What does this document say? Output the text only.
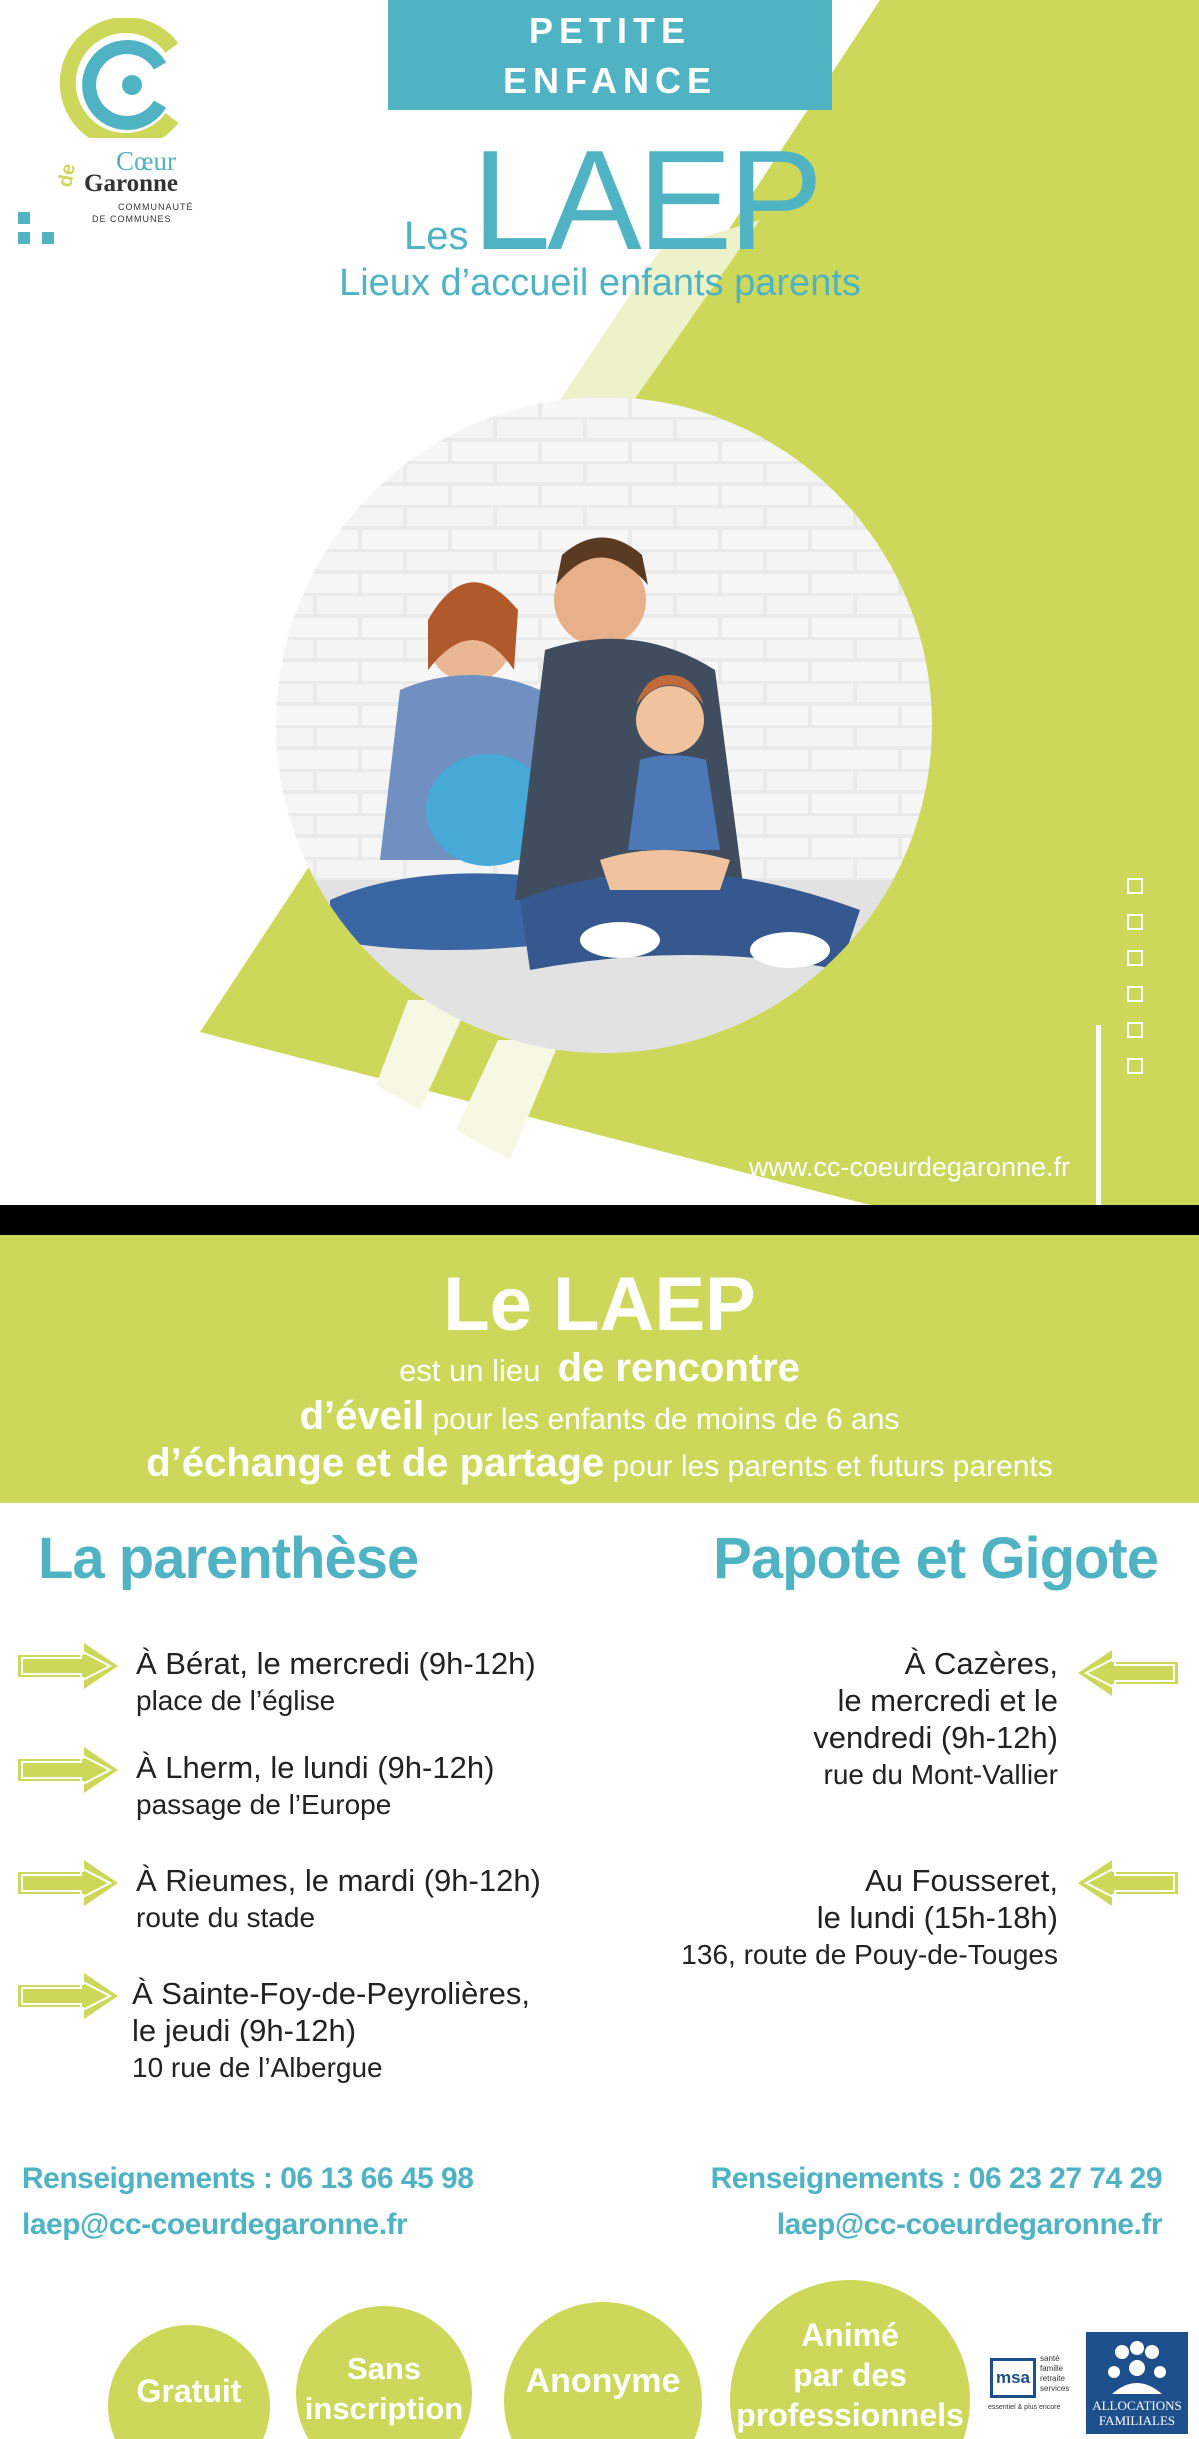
PETITE
ENFANCE
Cœur
de Garonne
COMMUNAUTÉ
DE COMMUNES	Les LAEP
Lieux d’accueil enfants parents
www.cc-coeurdegaronne.fr
Le LAEP
est un lieu de rencontre
d’éveil pour les enfants de moins de 6 ans
d’échange et de partage pour les parents et futurs parents
La parenthèse	Papote et Gigote
À Bérat, le mercredi (9h-12h)
place de l’église
À Lherm, le lundi (9h-12h)
passage de l’Europe
À Rieumes, le mardi (9h-12h)
route du stade
À Sainte-Foy-de-Peyrolières,
le jeudi (9h-12h)
10 rue de l’Albergue
À Cazères,
le mercredi et le
vendredi (9h-12h)
rue du Mont-Vallier
Au Fousseret,
le lundi (15h-18h)
136, route de Pouy-de-Touges
Renseignements : 06 13 66 45 98
laep@cc-coeurdegaronne.fr
Renseignements : 06 23 27 74 29
laep@cc-coeurdegaronne.fr
Gratuit
Sans
inscription
Anonyme
Animé
par des
professionnels
msa
santé
famille
retraite
services
essentiel & plus encore	ALLOCATIONS
FAMILIALES
